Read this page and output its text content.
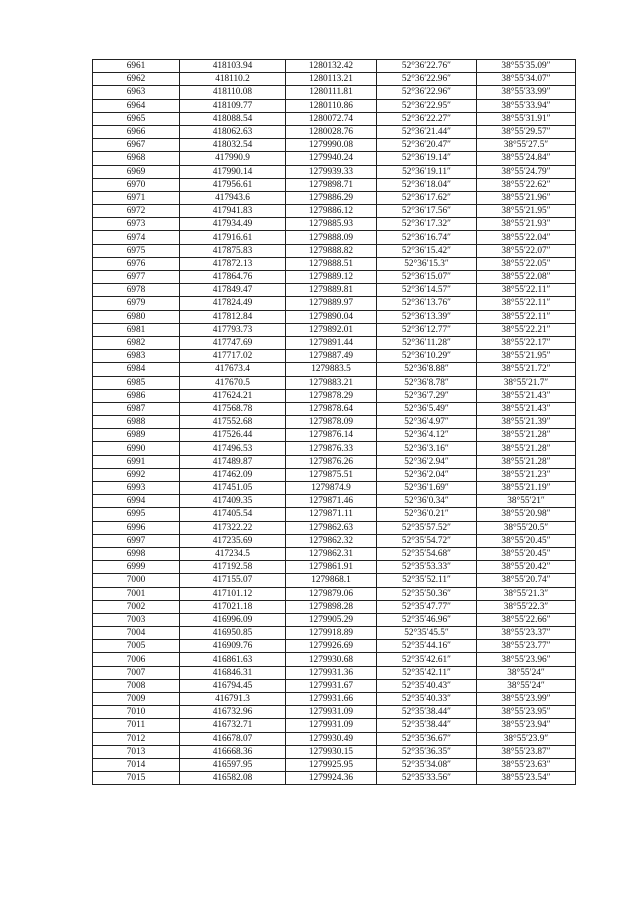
6961	418103.94	1280132.42	52°36′22.76″	38°55′35.09″
6962	418110.2	1280113.21	52°36′22.96″	38°55′34.07″
6963	418110.08	1280111.81	52°36′22.96″	38°55′33.99″
6964	418109.77	1280110.86	52°36′22.95″	38°55′33.94″
6965	418088.54	1280072.74	52°36′22.27″	38°55′31.91″
6966	418062.63	1280028.76	52°36′21.44″	38°55′29.57″
6967	418032.54	1279990.08	52°36′20.47″	38°55′27.5″
6968	417990.9	1279940.24	52°36′19.14″	38°55′24.84″
6969	417990.14	1279939.33	52°36′19.11″	38°55′24.79″
6970	417956.61	1279898.71	52°36′18.04″	38°55′22.62″
6971	417943.6	1279886.29	52°36′17.62″	38°55′21.96″
6972	417941.83	1279886.12	52°36′17.56″	38°55′21.95″
6973	417934.49	1279885.93	52°36′17.32″	38°55′21.93″
6974	417916.61	1279888.09	52°36′16.74″	38°55′22.04″
6975	417875.83	1279888.82	52°36′15.42″	38°55′22.07″
6976	417872.13	1279888.51	52°36′15.3″	38°55′22.05″
6977	417864.76	1279889.12	52°36′15.07″	38°55′22.08″
6978	417849.47	1279889.81	52°36′14.57″	38°55′22.11″
6979	417824.49	1279889.97	52°36′13.76″	38°55′22.11″
6980	417812.84	1279890.04	52°36′13.39″	38°55′22.11″
6981	417793.73	1279892.01	52°36′12.77″	38°55′22.21″
6982	417747.69	1279891.44	52°36′11.28″	38°55′22.17″
6983	417717.02	1279887.49	52°36′10.29″	38°55′21.95″
6984	417673.4	1279883.5	52°36′8.88″	38°55′21.72″
6985	417670.5	1279883.21	52°36′8.78″	38°55′21.7″
6986	417624.21	1279878.29	52°36′7.29″	38°55′21.43″
6987	417568.78	1279878.64	52°36′5.49″	38°55′21.43″
6988	417552.68	1279878.09	52°36′4.97″	38°55′21.39″
6989	417526.44	1279876.14	52°36′4.12″	38°55′21.28″
6990	417496.53	1279876.33	52°36′3.16″	38°55′21.28″
6991	417489.87	1279876.26	52°36′2.94″	38°55′21.28″
6992	417462.09	1279875.51	52°36′2.04″	38°55′21.23″
6993	417451.05	1279874.9	52°36′1.69″	38°55′21.19″
6994	417409.35	1279871.46	52°36′0.34″	38°55′21″
6995	417405.54	1279871.11	52°36′0.21″	38°55′20.98″
6996	417322.22	1279862.63	52°35′57.52″	38°55′20.5″
6997	417235.69	1279862.32	52°35′54.72″	38°55′20.45″
6998	417234.5	1279862.31	52°35′54.68″	38°55′20.45″
6999	417192.58	1279861.91	52°35′53.33″	38°55′20.42″
7000	417155.07	1279868.1	52°35′52.11″	38°55′20.74″
7001	417101.12	1279879.06	52°35′50.36″	38°55′21.3″
7002	417021.18	1279898.28	52°35′47.77″	38°55′22.3″
7003	416996.09	1279905.29	52°35′46.96″	38°55′22.66″
7004	416950.85	1279918.89	52°35′45.5″	38°55′23.37″
7005	416909.76	1279926.69	52°35′44.16″	38°55′23.77″
7006	416861.63	1279930.68	52°35′42.61″	38°55′23.96″
7007	416846.31	1279931.36	52°35′42.11″	38°55′24″
7008	416794.45	1279931.67	52°35′40.43″	38°55′24″
7009	416791.3	1279931.66	52°35′40.33″	38°55′23.99″
7010	416732.96	1279931.09	52°35′38.44″	38°55′23.95″
7011	416732.71	1279931.09	52°35′38.44″	38°55′23.94″
7012	416678.07	1279930.49	52°35′36.67″	38°55′23.9″
7013	416668.36	1279930.15	52°35′36.35″	38°55′23.87″
7014	416597.95	1279925.95	52°35′34.08″	38°55′23.63″
7015	416582.08	1279924.36	52°35′33.56″	38°55′23.54″
